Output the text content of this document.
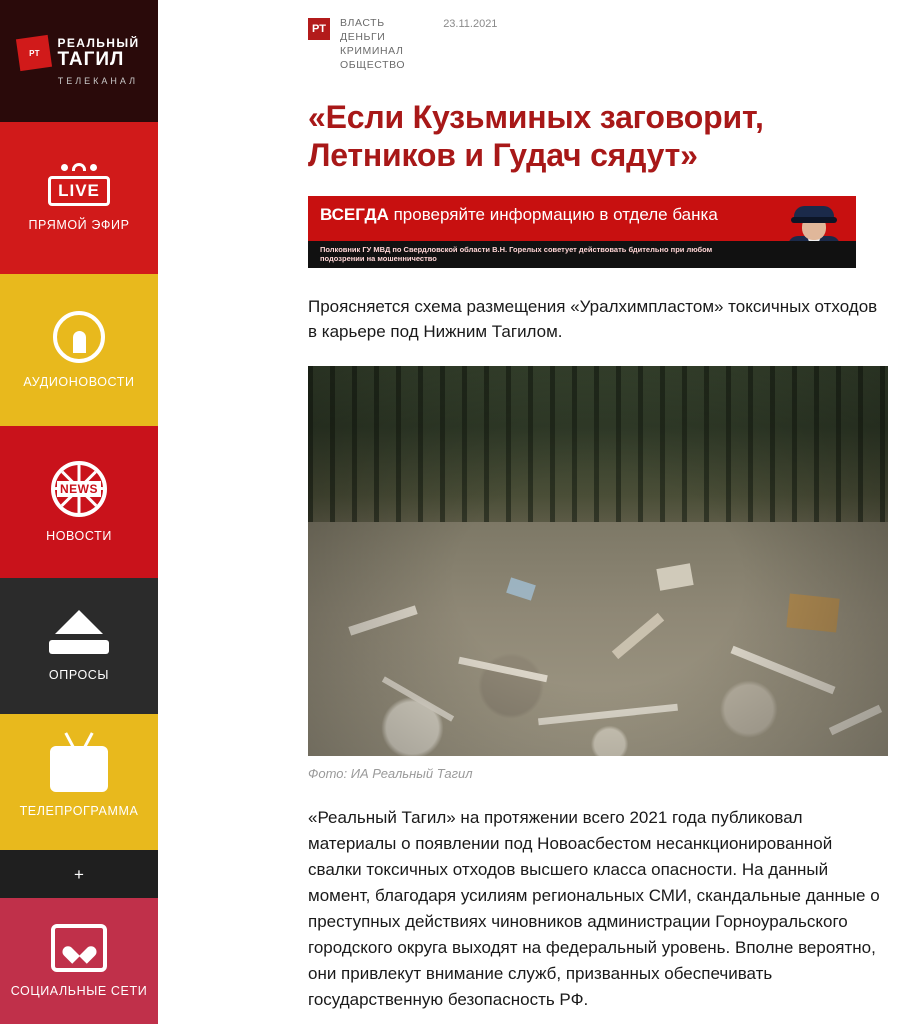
РТ
РЕАЛЬНЫЙ
ТАГИЛ
ТЕЛЕКАНАЛ
LIVE
ПРЯМОЙ ЭФИР
АУДИОНОВОСТИ
NEWS
НОВОСТИ
ОПРОСЫ
ТЕЛЕПРОГРАММА
+
СОЦИАЛЬНЫЕ СЕТИ
РТ ВЛАСТЬ
ДЕНЬГИ
КРИМИНАЛ
ОБЩЕСТВО
23.11.2021
«Если Кузьминых заговорит, Летников и Гудач сядут»
ВСЕГДА проверяйте информацию в отделе банка

Полковник ГУ МВД по Свердловской области В.Н. Горелых советует действовать бдительно при любом подозрении на мошенничество

Проясняется схема размещения «Уралхимпластом» токсичных отходов в карьере под Нижним Тагилом.

Фото: ИА Реальный Тагил

«Реальный Тагил» на протяжении всего 2021 года публиковал материалы о появлении под Новоасбестом несанкционированной свалки токсичных отходов высшего класса опасности. На данный момент, благодаря усилиям региональных СМИ, скандальные данные о преступных действиях чиновников администрации Горноуральского городского округа выходят на федеральный уровень. Вполне вероятно, они привлекут внимание служб, призванных обеспечивать государственную безопасность РФ.
